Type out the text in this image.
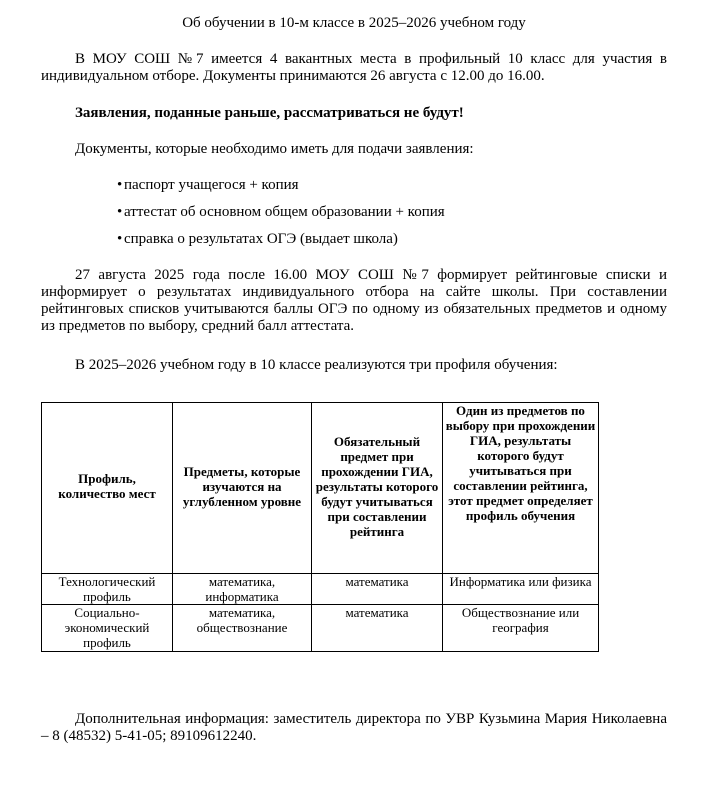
Об обучении в 10-м классе в 2025–2026 учебном году
В МОУ СОШ №7 имеется 4 вакантных места в профильный 10 класс для участия в индивидуальном отборе. Документы принимаются 26 августа с 12.00 до 16.00.
Заявления, поданные раньше, рассматриваться не будут!
Документы, которые необходимо иметь для подачи заявления:
• паспорт учащегося + копия
• аттестат об основном общем образовании + копия
• справка о результатах ОГЭ (выдает школа)
27 августа 2025 года после 16.00 МОУ СОШ №7 формирует рейтинговые списки и информирует о результатах индивидуального отбора на сайте школы. При составлении рейтинговых списков учитываются баллы ОГЭ по одному из обязательных предметов и одному из предметов по выбору, средний балл аттестата.
В 2025–2026 учебном году в 10 классе реализуются три профиля обучения:
Профиль, количество мест	Предметы, которые изучаются на углубленном уровне	Обязательный предмет при прохождении ГИА, результаты которого будут учитываться при составлении рейтинга	Один из предметов по выбору при прохождении ГИА, результаты которого будут учитываться при составлении рейтинга, этот предмет определяет профиль обучения
Технологический профиль	математика, информатика	математика	Информатика или физика
Социально-экономический профиль	математика, обществознание	математика	Обществознание или география
Дополнительная информация: заместитель директора по УВР Кузьмина Мария Николаевна – 8 (48532) 5-41-05; 89109612240.
